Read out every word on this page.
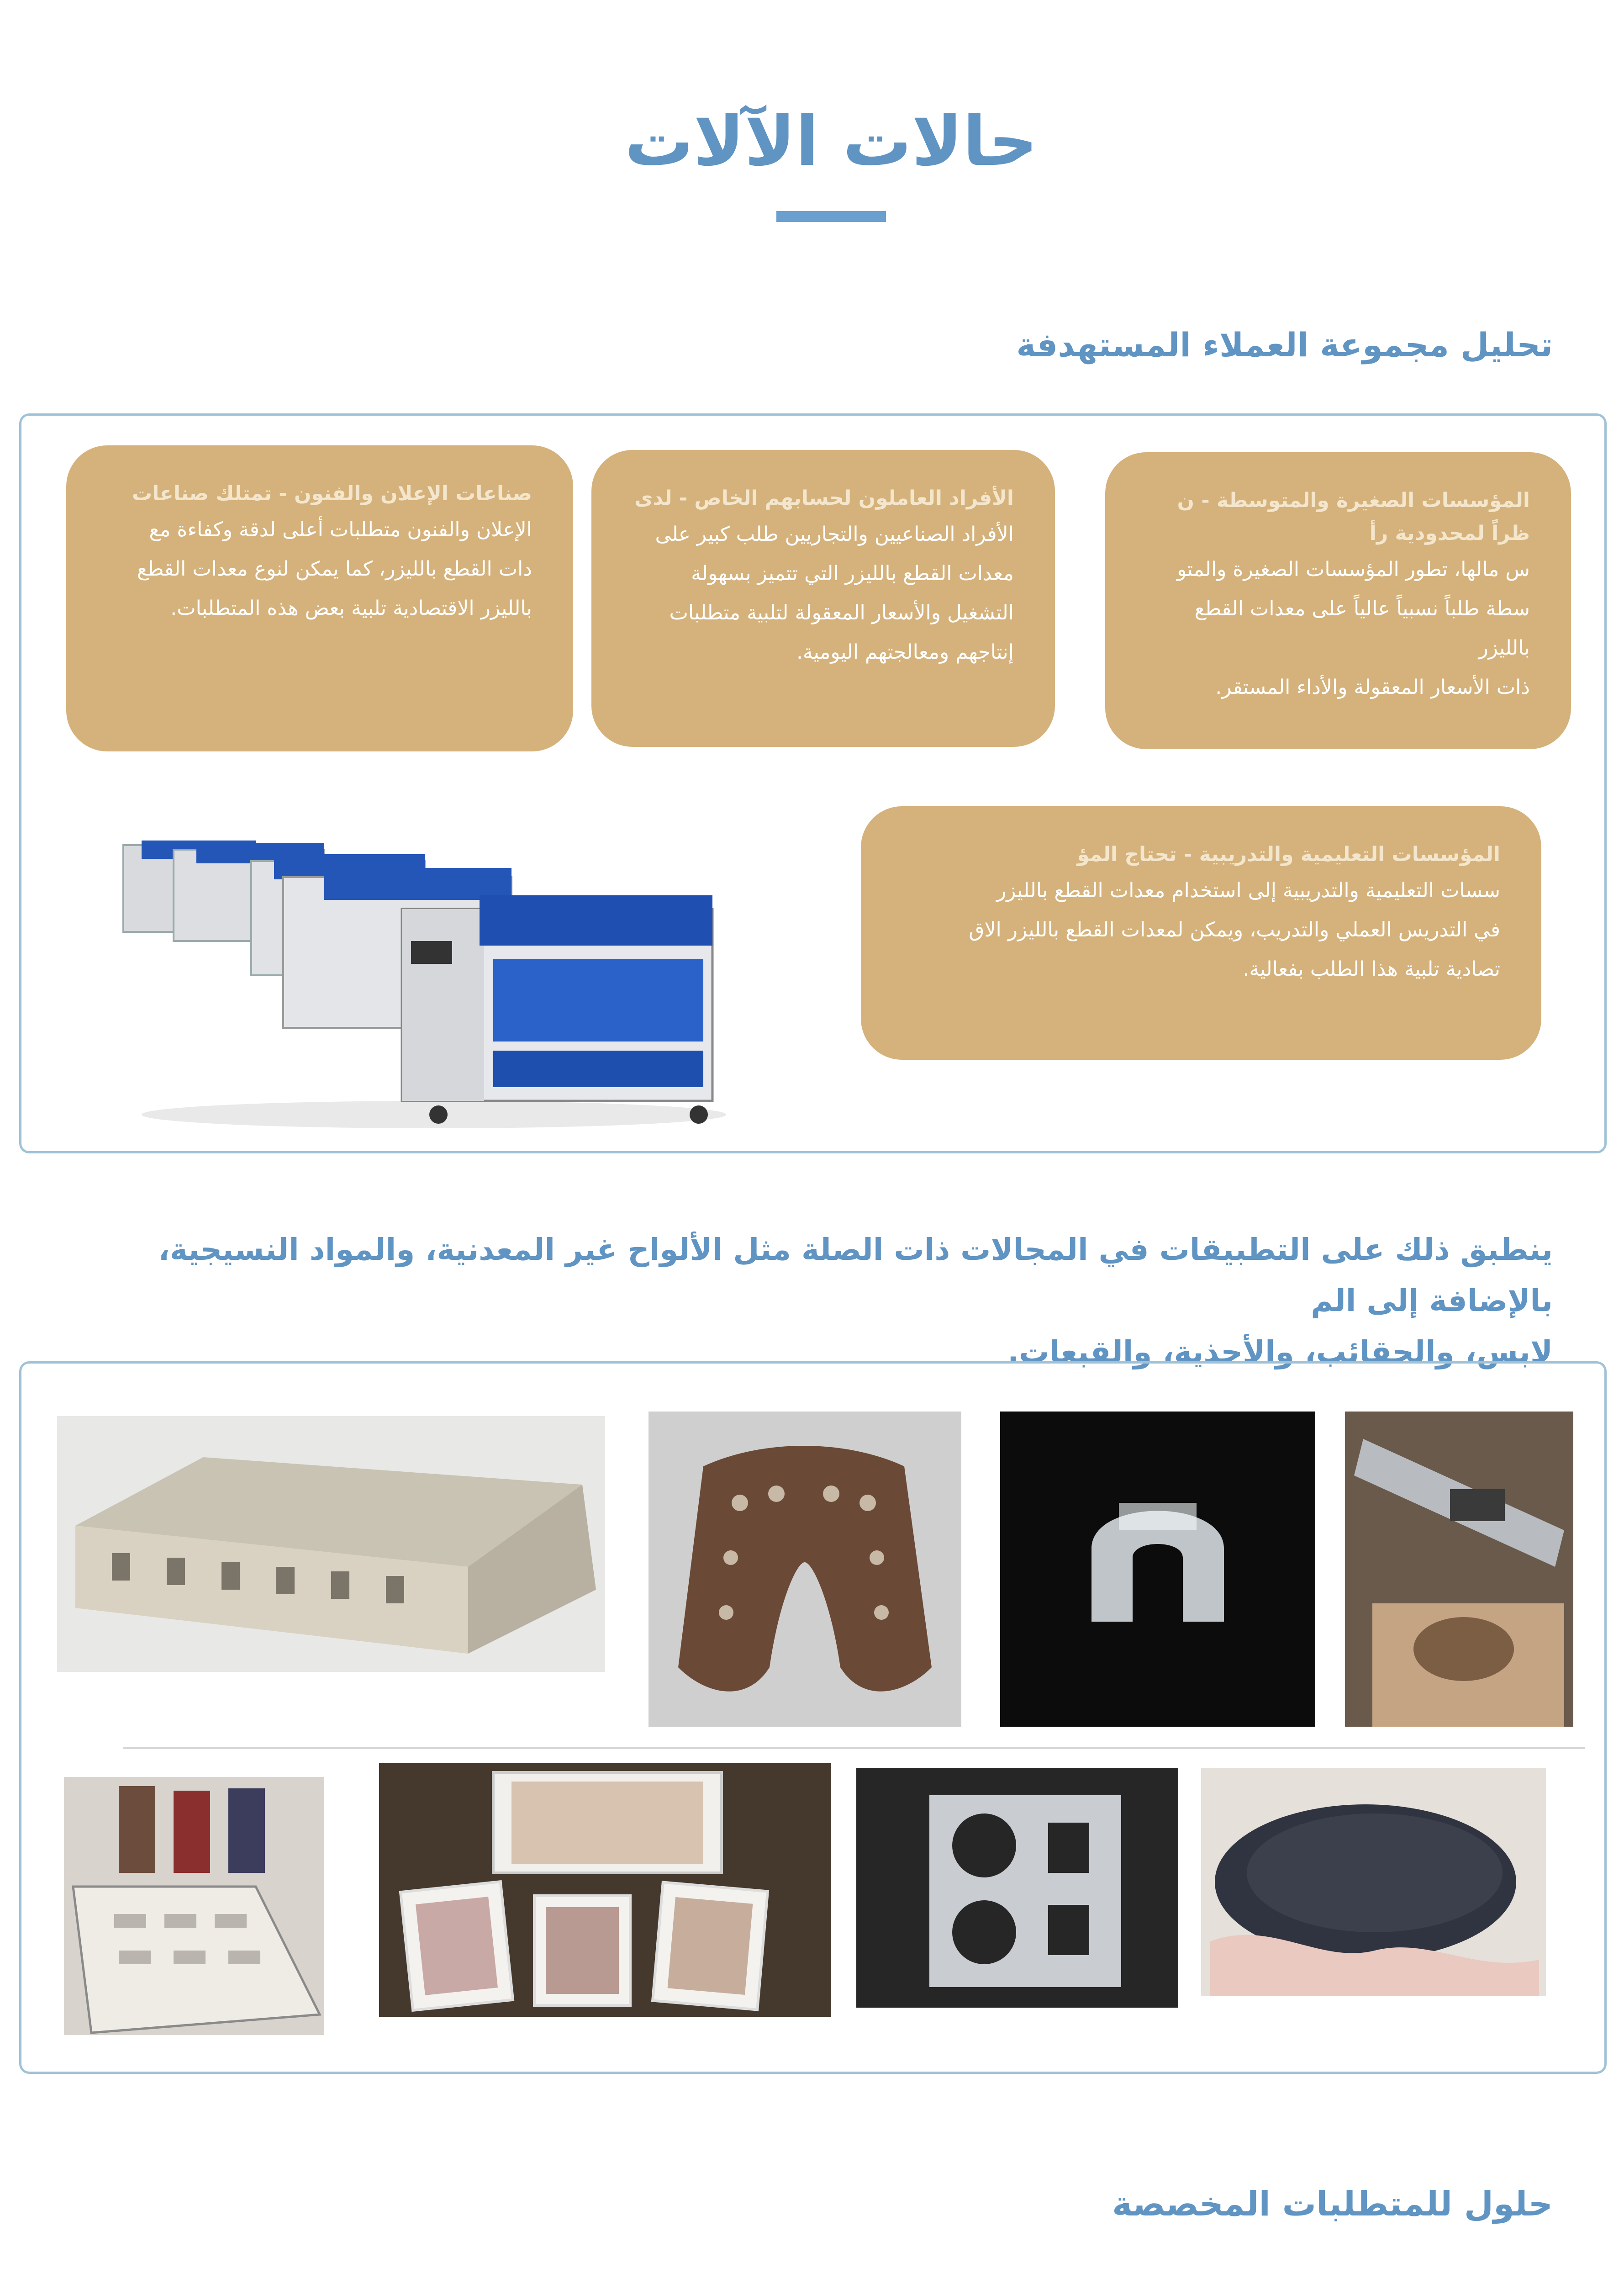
حالات الآلات
تحليل مجموعة العملاء المستهدفة
المؤسسات الصغيرة والمتوسطة - ن
ظراً لمحدودية رأ
س مالها، تطور المؤسسات الصغيرة والمتو
سطة طلباً نسبياً عالياً على معدات القطع بالليزر
ذات الأسعار المعقولة والأداء المستقر.
الأفراد العاملون لحسابهم الخاص - لدى
الأفراد الصناعيين والتجاريين طلب كبير على
معدات القطع بالليزر التي تتميز بسهولة
التشغيل والأسعار المعقولة لتلبية متطلبات
إنتاجهم ومعالجتهم اليومية.
صناعات الإعلان والفنون - تمتلك صناعات
الإعلان والفنون متطلبات أعلى لدقة وكفاءة مع
دات القطع بالليزر، كما يمكن لنوع معدات القطع
بالليزر الاقتصادية تلبية بعض هذه المتطلبات.
المؤسسات التعليمية والتدريبية - تحتاج المؤ
سسات التعليمية والتدريبية إلى استخدام معدات القطع بالليزر
في التدريس العملي والتدريب، ويمكن لمعدات القطع بالليزر الاق
تصادية تلبية هذا الطلب بفعالية.
ينطبق ذلك على التطبيقات في المجالات ذات الصلة مثل الألواح غير المعدنية، والمواد النسيجية، بالإضافة إلى الم
لابس، والحقائب، والأحذية، والقبعات.
حلول للمتطلبات المخصصة
